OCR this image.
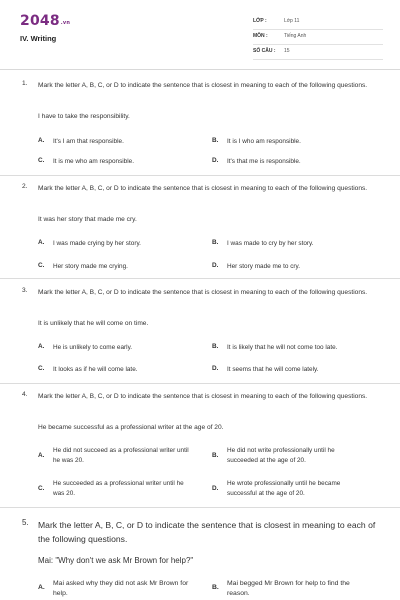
2048.vn
IV. Writing
LỚP :	Lớp 11
MÔN :	Tiếng Anh
SỐ CÂU : 15
1. Mark the letter A, B, C, or D to indicate the sentence that is closest in meaning to each of the following questions.
I have to take the responsibility.
A. It's I am that responsible.	B. It is I who am responsible.
C. It is me who am responsible.	D. It's that me is responsible.
2. Mark the letter A, B, C, or D to indicate the sentence that is closest in meaning to each of the following questions.
It was her story that made me cry.
A. I was made crying by her story.	B. I was made to cry by her story.
C. Her story made me crying.	D. Her story made me to cry.
3. Mark the letter A, B, C, or D to indicate the sentence that is closest in meaning to each of the following questions.
It is unlikely that he will come on time.
A. He is unlikely to come early.	B. It is likely that he will not come too late.
C. It looks as if he will come late.	D. It seems that he will come lately.
4. Mark the letter A, B, C, or D to indicate the sentence that is closest in meaning to each of the following questions.
He became successful as a professional writer at the age of 20.
A.
He did not succeed as a professional writer until he was 20.
B.
He did not write professionally until he succeeded at the age of 20.
C.
He succeeded as a professional writer until he was 20.
D.
He wrote professionally until he became successful at the age of 20.
5. Mark the letter A, B, C, or D to indicate the sentence that is closest in meaning to each of the following questions.
Mai: "Why don't we ask Mr Brown for help?"
A.
Mai asked why they did not ask Mr Brown for help.
B.
Mai begged Mr Brown for help to find the reason.
